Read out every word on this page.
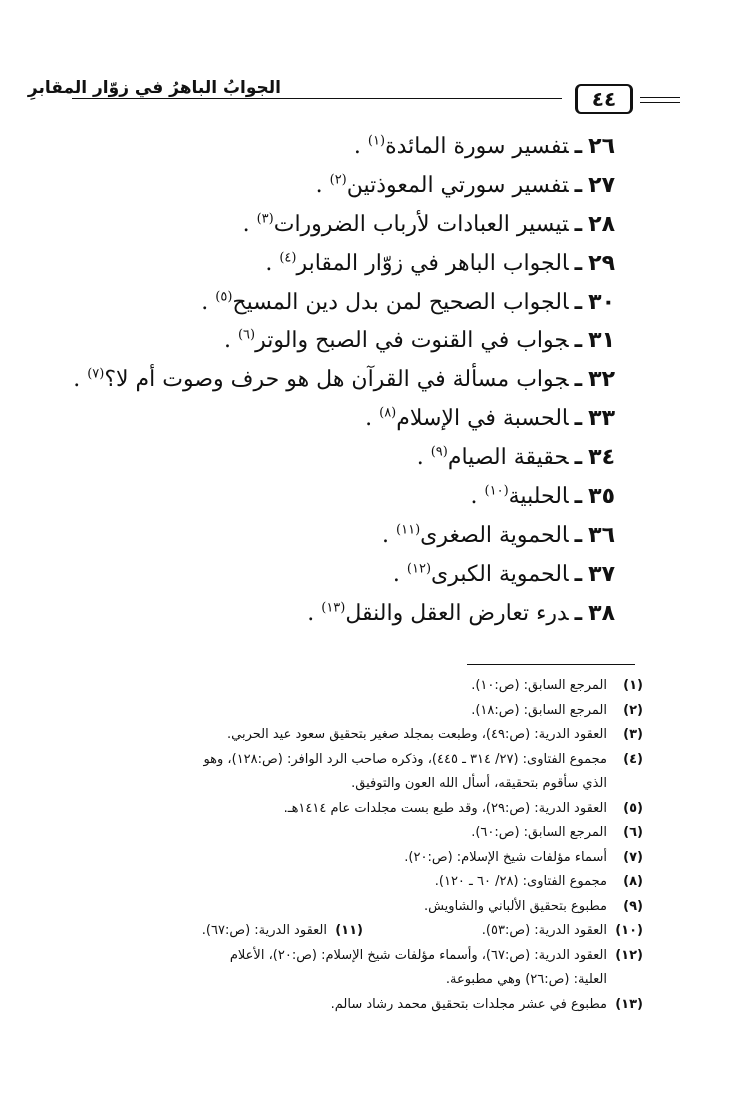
الجوابُ الباهرُ في زوّار المقابرِ	٤٤
٢٦ـتفسير سورة المائدة$^{(١)}$ .
٢٧ـتفسير سورتي المعوذتين$^{(٢)}$ .
٢٨ـتيسير العبادات لأرباب الضرورات$^{(٣)}$ .
٢٩ـالجواب الباهر في زوّار المقابر$^{(٤)}$ .
٣٠ـالجواب الصحيح لمن بدل دين المسيح$^{(٥)}$ .
٣١ـجواب في القنوت في الصبح والوتر$^{(٦)}$ .
٣٢ـجواب مسألة في القرآن هل هو حرف وصوت أم لا؟$^{(٧)}$ .
٣٣ـالحسبة في الإسلام$^{(٨)}$ .
٣٤ـحقيقة الصيام$^{(٩)}$ .
٣٥ـالحلبية$^{(١٠)}$ .
٣٦ـالحموية الصغرى$^{(١١)}$ .
٣٧ـالحموية الكبرى$^{(١٢)}$ .
٣٨ـدرء تعارض العقل والنقل$^{(١٣)}$ .
(١)
المرجع السابق: (ص:١٠).
(٢)
المرجع السابق: (ص:١٨).
(٣)
العقود الدرية: (ص:٤٩)، وطبعت بمجلد صغير بتحقيق سعود عيد الحربي.
(٤)
مجموع الفتاوى: (٢٧/ ٣١٤ ـ ٤٤٥)، وذكره صاحب الرد الوافر: (ص:١٢٨)، وهو
الذي سأقوم بتحقيقه، أسأل الله العون والتوفيق.
(٥)
العقود الدرية: (ص:٢٩)، وقد طبع بست مجلدات عام ١٤١٤هـ.
(٦)
المرجع السابق: (ص:٦٠).
(٧)
أسماء مؤلفات شيخ الإسلام: (ص:٢٠).
(٨)
مجموع الفتاوى: (٢٨/ ٦٠ ـ ١٢٠).
(٩)
مطبوع بتحقيق الألباني والشاويش.
(١٠)
العقود الدرية: (ص:٥٣).
(١١)
العقود الدرية: (ص:٦٧).
(١٢)
العقود الدرية: (ص:٦٧)، وأسماء مؤلفات شيخ الإسلام: (ص:٢٠)، الأعلام
العلية: (ص:٢٦) وهي مطبوعة.
(١٣)
مطبوع في عشر مجلدات بتحقيق محمد رشاد سالم.
